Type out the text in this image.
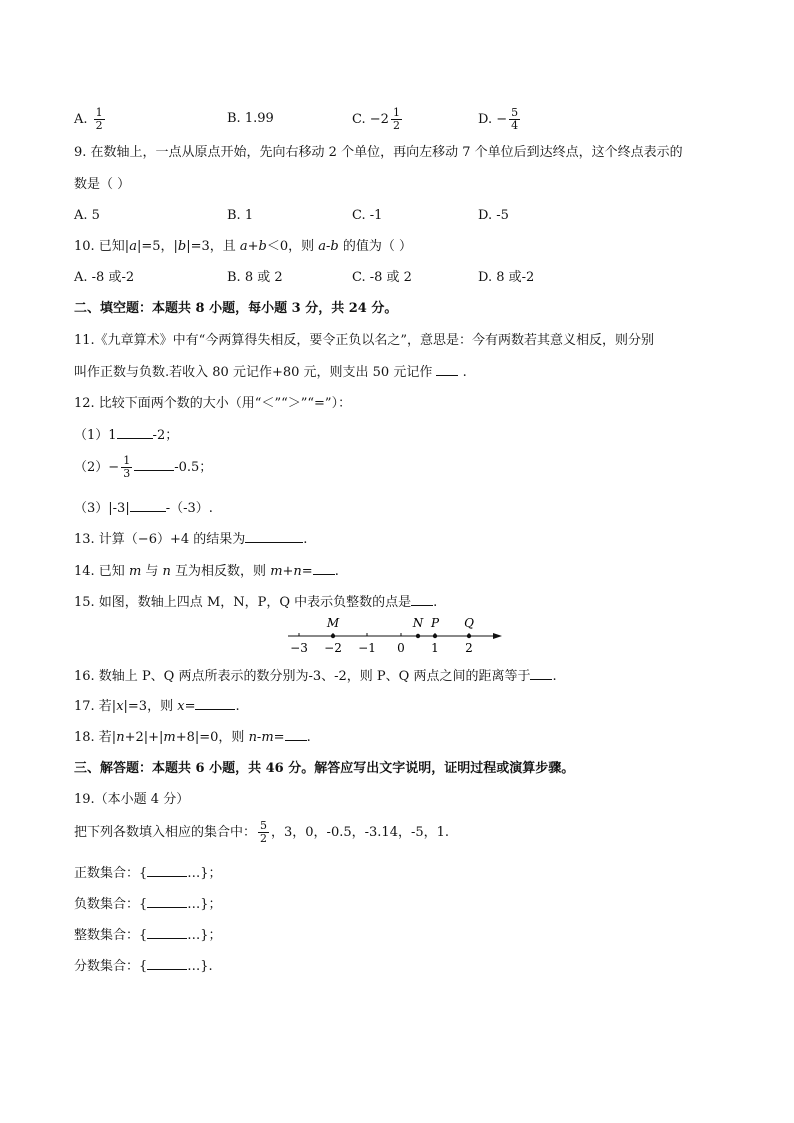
A. $\frac{1}{2}$	B. 1.99	C. $-2 \frac{1}{2}$	D. − $\frac{5}{4}$
9. 在数轴上，一点从原点开始，先向右移动 2 个单位，再向左移动 7 个单位后到达终点，这个终点表示的
数是（ ）
A. 5	B. 1	C. -1	D. -5
10. 已知|a|=5，|b|=3，且 a+b＜0，则 a-b 的值为（ ）
A. -8 或-2	B. 8 或 2	C. -8 或 2	D. 8 或-2
二、填空题：本题共 8 小题，每小题 3 分，共 24 分。
11.《九章算术》中有“今两算得失相反，要令正负以名之”，意思是：今有两数若其意义相反，则分别
叫作正数与负数.若收入 80 元记作+80 元，则支出 50 元记作 .
12. 比较下面两个数的大小（用“＜”“＞”“=”）：
（1）1	-2；
$(2)- \frac{1}{3}$	-0.5；
（3）|-3|	-（-3）.
13. 计算（−6）+4 的结果为	.
14. 已知 m 与 n 互为相反数，则 m+n= .
15. 如图，数轴上四点 M，N，P，Q 中表示负整数的点是 .
−3 −2 −1 0 1 2
M	N P Q
16. 数轴上 P、Q 两点所表示的数分别为-3、-2，则 P、Q 两点之间的距离等于 .
17. 若|x|=3，则 x=	.
18. 若|n+2|+|m+8|=0，则 n-m= .
三、解答题：本题共 6 小题，共 46 分。解答应写出文字说明，证明过程或演算步骤。
19.（本小题 4 分）
把下列各数填入相应的集合中： $\frac{5}{2}$ ，3，0，-0.5，-3.14，-5，1.
正数集合：{	…}；
负数集合：{	…}；
整数集合：{	…}；
分数集合：{	…}.
